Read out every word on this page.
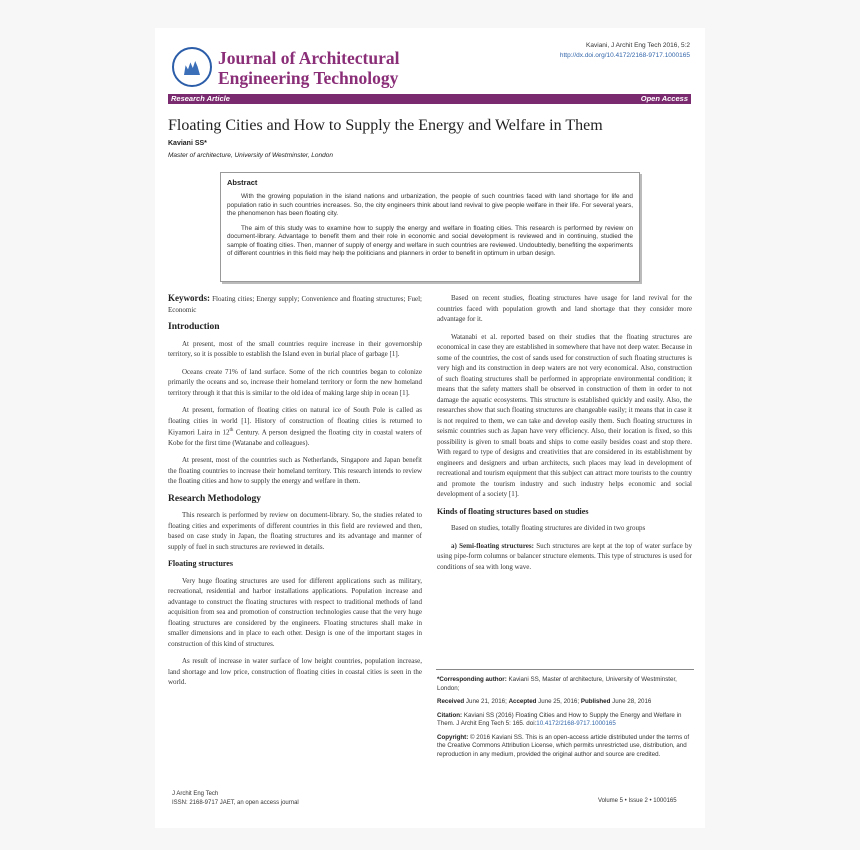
Journal of Architectural
Engineering Technology
Kaviani, J Archit Eng Tech 2016, 5:2
http://dx.doi.org/10.4172/2168-9717.1000165
Research Article	Open Access
Floating Cities and How to Supply the Energy and Welfare in Them
Kaviani SS*
Master of architecture, University of Westminster, London
Abstract

With the growing population in the island nations and urbanization, the people of such countries faced with land shortage for life and population ratio in such countries increases. So, the city engineers think about land revival to give people welfare in their life. For several years, the phenomenon has been floating city.

The aim of this study was to examine how to supply the energy and welfare in floating cities. This research is performed by review on document-library. Advantage to benefit them and their role in economic and social development is reviewed and in continuing, studied the sample of floating cities. Then, manner of supply of energy and welfare in such countries are reviewed. Undoubtedly, benefiting the experiments of different countries in this field may help the politicians and planners in order to benefit in optimum in urban design.

Keywords: Floating cities; Energy supply; Convenience and floating structures; Fuel; Economic

Introduction

At present, most of the small countries require increase in their governorship territory, so it is possible to establish the Island even in burial place of garbage [1].

Oceans create 71% of land surface. Some of the rich countries began to colonize primarily the oceans and so, increase their homeland territory or form the new homeland territory through it that this is similar to the old idea of making large ship in ocean [1].

At present, formation of floating cities on natural ice of South Pole is called as floating cities in world [1]. History of construction of floating cities is returned to Kiyamori Laira in 12th Century. A person designed the floating city in coastal waters of Kobe for the first time (Watanabe and colleagues).

At present, most of the countries such as Netherlands, Singapore and Japan benefit the floating countries to increase their homeland territory. This research intends to review the floating cities and how to supply the energy and welfare in them.

Research Methodology

This research is performed by review on document-library. So, the studies related to floating cities and experiments of different countries in this field are reviewed and then, based on case study in Japan, the floating structures and its advantage and manner of supply of fuel in such structures are reviewed in details.

Floating structures

Very huge floating structures are used for different applications such as military, recreational, residential and harbor installations applications. Population increase and advantage to construct the floating structures with respect to traditional methods of land acquisition from sea and promotion of construction technologies cause that the very huge floating structures are considered by the engineers. Floating structures shall make in smaller dimensions and in place to each other. Design is one of the important stages in construction of this kind of structures.

As result of increase in water surface of low height countries, population increase, land shortage and low price, construction of floating cities in coastal cities is seen in the world.

Based on recent studies, floating structures have usage for land revival for the countries faced with population growth and land shortage that they consider more advantage for it.

Watanabi et al. reported based on their studies that the floating structures are economical in case they are established in somewhere that have not deep water. Because in some of the countries, the cost of sands used for construction of such floating structures is very high and its construction in deep waters are not very economical. Also, construction of such floating structures shall be performed in appropriate environmental condition; it means that the safety matters shall be observed in construction of them in order to not damage the aquatic ecosystems. This structure is established quickly and easily. Also, the researches show that such floating structures are changeable easily; it means that in case it is not required to them, we can take and develop easily them. Such floating structures in seismic countries such as Japan have very efficiency. Also, their location is fixed, so this possibility is given to small boats and ships to come easily besides coast and stop there. With regard to type of designs and creativities that are considered in its establishment by engineers and designers and urban architects, such places may lead in development of recreational and tourism equipment that this subject can attract more tourists to the country and promote the tourism industry and such industry helps economic and social development of a society [1].

Kinds of floating structures based on studies

Based on studies, totally floating structures are divided in two groups

a) Semi-floating structures: Such structures are kept at the top of water surface by using pipe-form columns or balancer structure elements. This type of structures is used for conditions of sea with long wave.

*Corresponding author: Kaviani SS, Master of architecture, University of Westminster, London;
Received June 21, 2016; Accepted June 25, 2016; Published June 28, 2016
Citation: Kaviani SS (2016) Floating Cities and How to Supply the Energy and Welfare in Them. J Archit Eng Tech 5: 165. doi:10.4172/2168-9717.1000165
Copyright: © 2016 Kaviani SS. This is an open-access article distributed under the terms of the Creative Commons Attribution License, which permits unrestricted use, distribution, and reproduction in any medium, provided the original author and source are credited.
J Archit Eng Tech
ISSN: 2168-9717 JAET, an open access journal	Volume 5 • Issue 2 • 1000165
